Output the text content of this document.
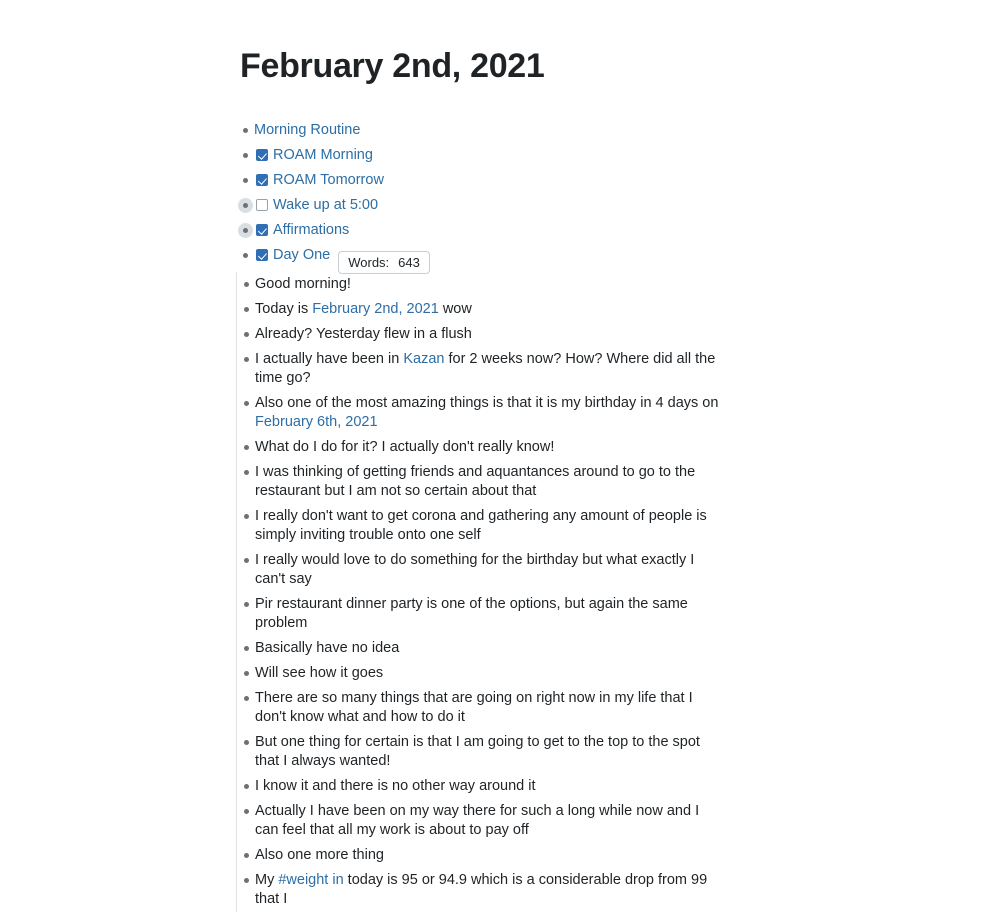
February 2nd, 2021
Morning Routine
ROAM Morning
ROAM Tomorrow
Wake up at 5:00
Affirmations
Day One Words: 643
Good morning!
Today is February 2nd, 2021 wow
Already? Yesterday flew in a flush
I actually have been in Kazan for 2 weeks now? How? Where did all the time go?
Also one of the most amazing things is that it is my birthday in 4 days on February 6th, 2021
What do I do for it? I actually don't really know!
I was thinking of getting friends and aquantances around to go to the restaurant but I am not so certain about that
I really don't want to get corona and gathering any amount of people is simply inviting trouble onto one self
I really would love to do something for the birthday but what exactly I can't say
Pir restaurant dinner party is one of the options, but again the same problem
Basically have no idea
Will see how it goes
There are so many things that are going on right now in my life that I don't know what and how to do it
But one thing for certain is that I am going to get to the top to the spot that I always wanted!
I know it and there is no other way around it
Actually I have been on my way there for such a long while now and I can feel that all my work is about to pay off
Also one more thing
My #weight in today is 95 or 94.9 which is a considerable drop from 99 that I
